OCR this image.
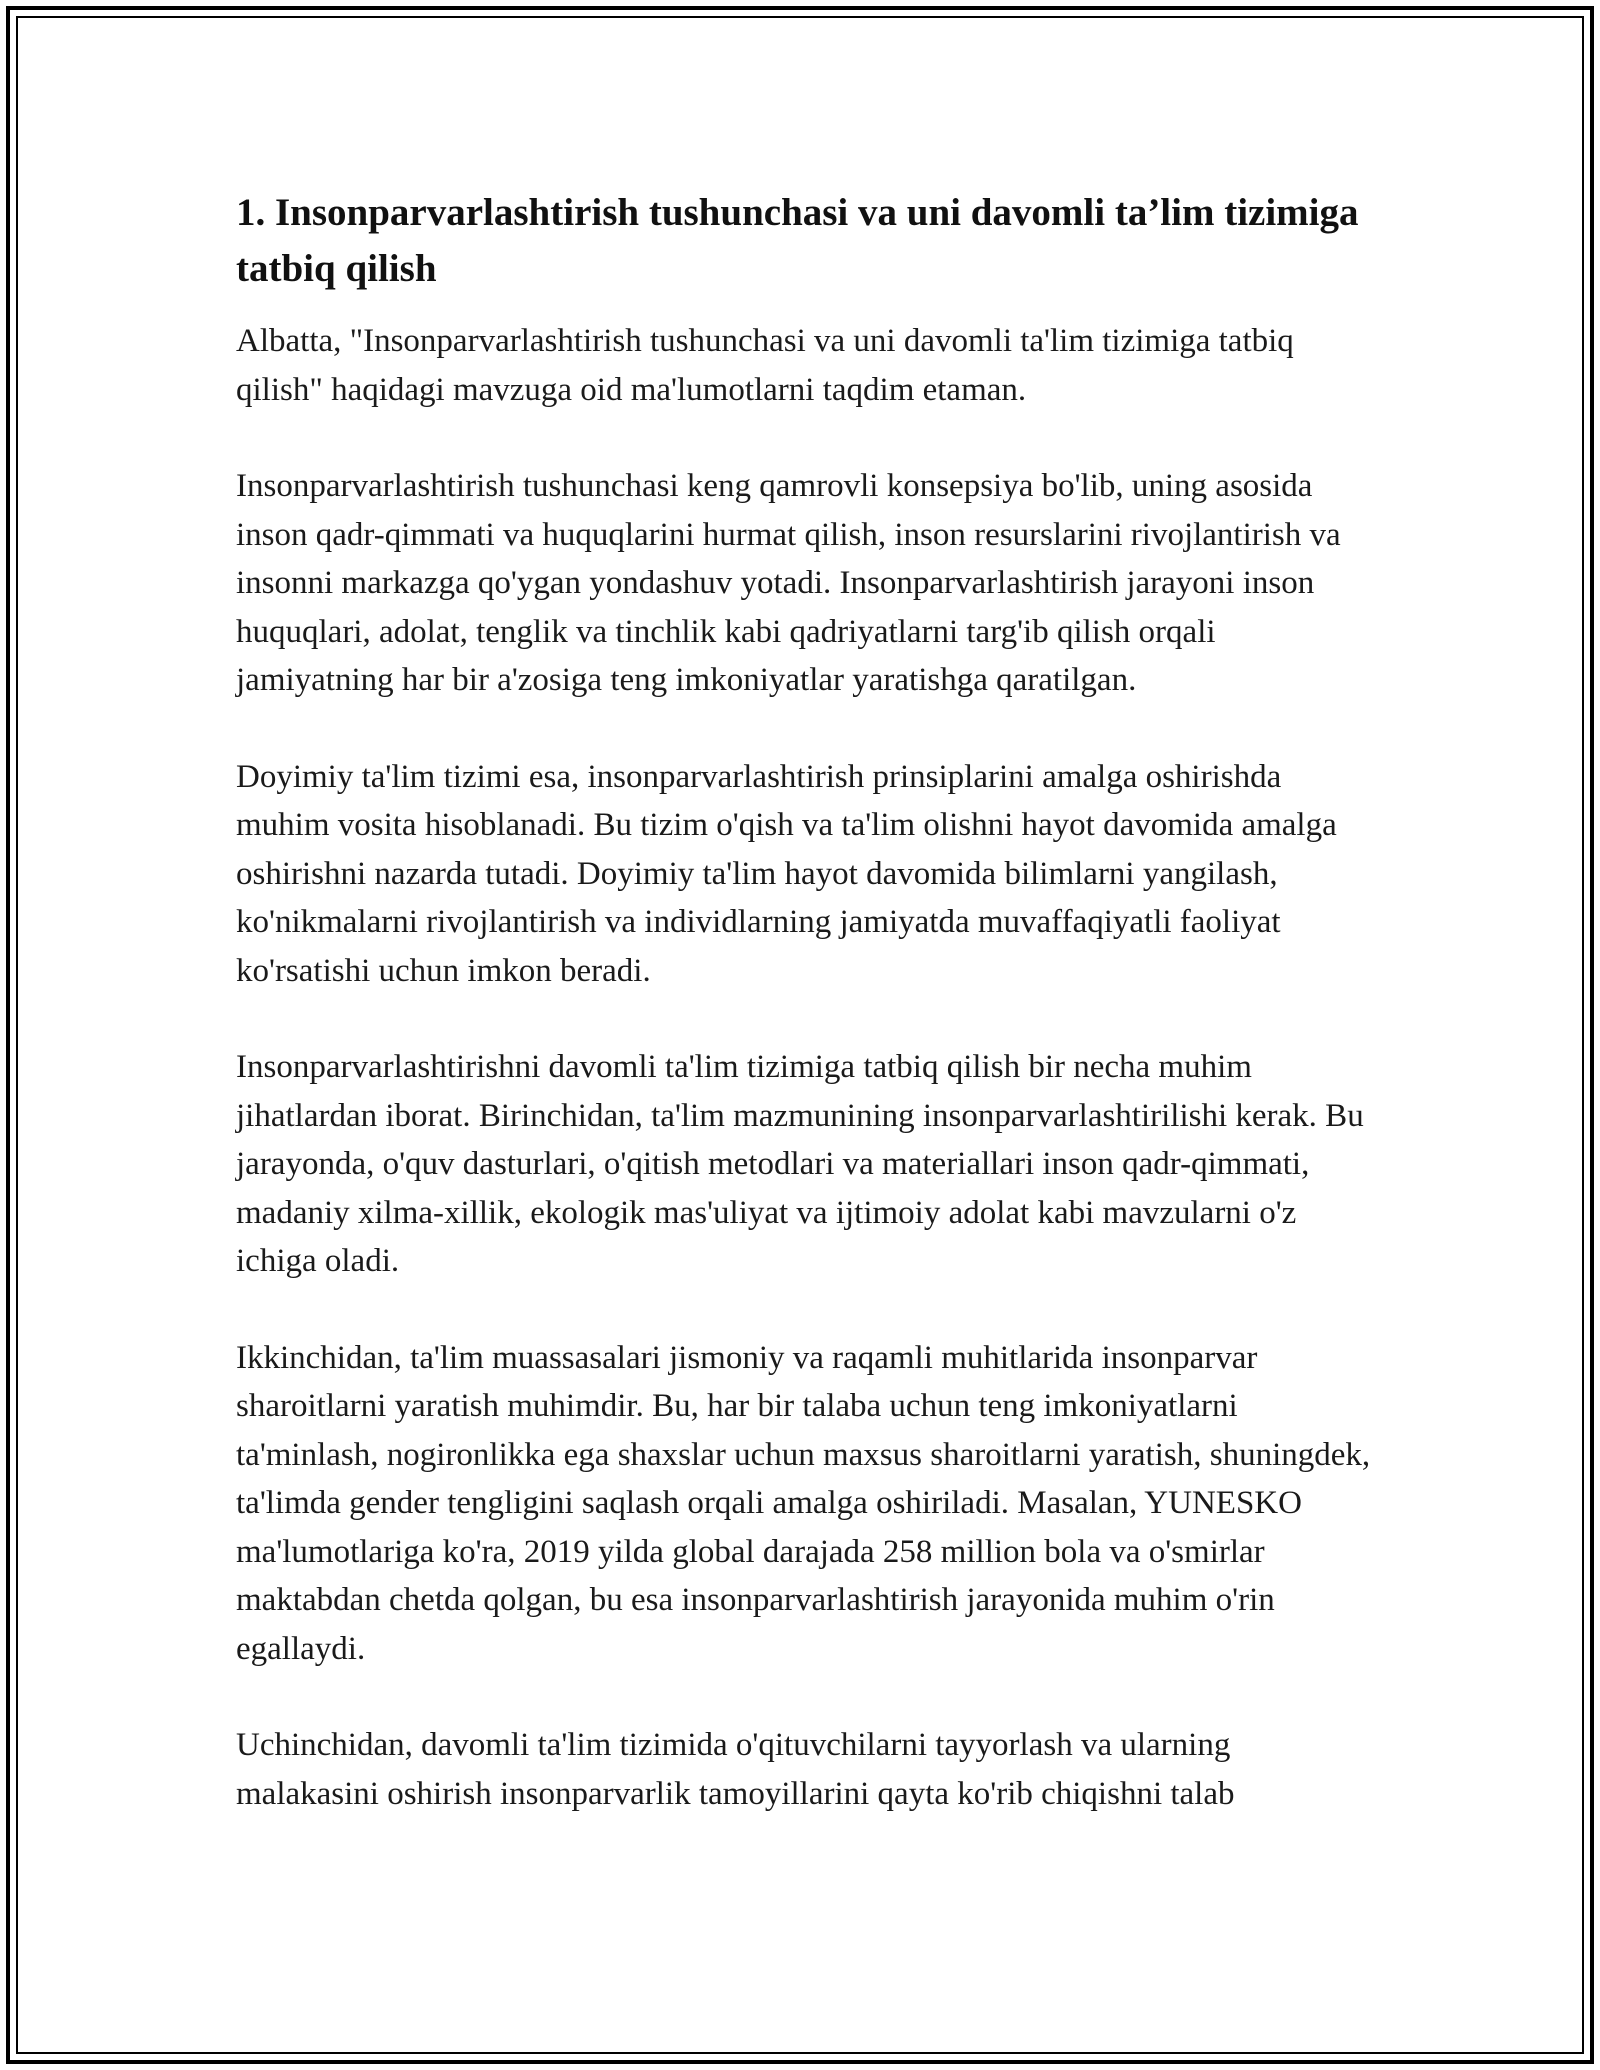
1. Insonparvarlashtirish tushunchasi va uni davomli ta’lim tizimiga tatbiq qilish

Albatta, "Insonparvarlashtirish tushunchasi va uni davomli ta'lim tizimiga tatbiq qilish" haqidagi mavzuga oid ma'lumotlarni taqdim etaman.

Insonparvarlashtirish tushunchasi keng qamrovli konsepsiya bo'lib, uning asosida inson qadr-qimmati va huquqlarini hurmat qilish, inson resurslarini rivojlantirish va insonni markazga qo'ygan yondashuv yotadi. Insonparvarlashtirish jarayoni inson huquqlari, adolat, tenglik va tinchlik kabi qadriyatlarni targ'ib qilish orqali jamiyatning har bir a'zosiga teng imkoniyatlar yaratishga qaratilgan.

Doyimiy ta'lim tizimi esa, insonparvarlashtirish prinsiplarini amalga oshirishda muhim vosita hisoblanadi. Bu tizim o'qish va ta'lim olishni hayot davomida amalga oshirishni nazarda tutadi. Doyimiy ta'lim hayot davomida bilimlarni yangilash, ko'nikmalarni rivojlantirish va individlarning jamiyatda muvaffaqiyatli faoliyat ko'rsatishi uchun imkon beradi.

Insonparvarlashtirishni davomli ta'lim tizimiga tatbiq qilish bir necha muhim jihatlardan iborat. Birinchidan, ta'lim mazmunining insonparvarlashtirilishi kerak. Bu jarayonda, o'quv dasturlari, o'qitish metodlari va materiallari inson qadr-qimmati, madaniy xilma-xillik, ekologik mas'uliyat va ijtimoiy adolat kabi mavzularni o'z ichiga oladi.

Ikkinchidan, ta'lim muassasalari jismoniy va raqamli muhitlarida insonparvar sharoitlarni yaratish muhimdir. Bu, har bir talaba uchun teng imkoniyatlarni ta'minlash, nogironlikka ega shaxslar uchun maxsus sharoitlarni yaratish, shuningdek, ta'limda gender tengligini saqlash orqali amalga oshiriladi. Masalan, YUNESKO ma'lumotlariga ko'ra, 2019 yilda global darajada 258 million bola va o'smirlar maktabdan chetda qolgan, bu esa insonparvarlashtirish jarayonida muhim o'rin egallaydi.

Uchinchidan, davomli ta'lim tizimida o'qituvchilarni tayyorlash va ularning malakasini oshirish insonparvarlik tamoyillarini qayta ko'rib chiqishni talab
